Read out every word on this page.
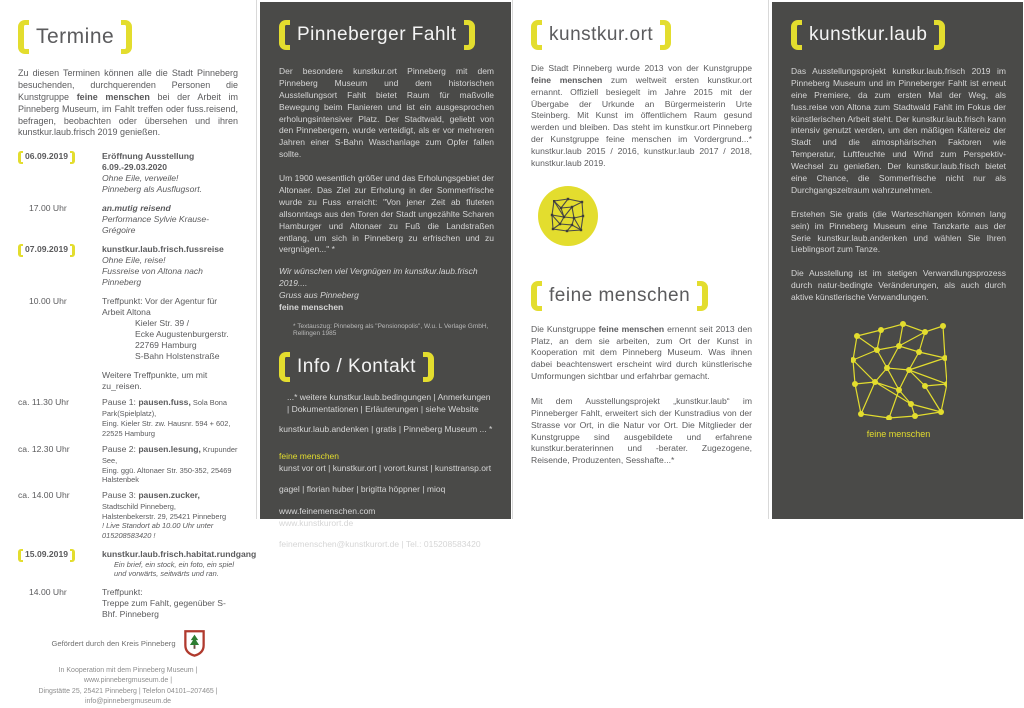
Termine

Zu diesen Terminen können alle die Stadt Pinneberg besuchenden, durchquerenden Personen die Kunstgruppe feine menschen bei der Arbeit im Pinneberg Museum, im Fahlt treffen oder fuss.reisend, befragen, beobachten oder übersehen und ihren kunstkur.laub.frisch 2019 genießen.

06.09.2019	Eröffnung Ausstellung 6.09.-29.03.2020
Ohne Eile, verweile!
Pinneberg als Ausflugsort.
17.00 Uhr	an.mutig reisend
Performance Sylvie Krause-Grégoire
07.09.2019	kunstkur.laub.frisch.fussreise
Ohne Eile, reise!
Fussreise von Altona nach Pinneberg
10.00 Uhr	Treffpunkt: Vor der Agentur für Arbeit Altona
Kieler Str. 39 /
Ecke Augustenburgerstr.
22769 Hamburg
S-Bahn Holstenstraße
Weitere Treffpunkte, um mit zu_reisen.
ca. 11.30 Uhr	Pause 1: pausen.fuss, Sola Bona Park(Spielplatz),
Eing. Kieler Str. zw. Hausnr. 594 + 602, 22525 Hamburg
ca. 12.30 Uhr	Pause 2: pausen.lesung, Krupunder See,
Eing. ggü. Altonaer Str. 350-352, 25469 Halstenbek
ca. 14.00 Uhr	Pause 3: pausen.zucker, Stadtschild Pinneberg,
Halstenbekerstr. 29, 25421 Pinneberg
! Live Standort ab 10.00 Uhr unter 015208583420 !
15.09.2019	kunstkur.laub.frisch.habitat.rundgang
Ein brief, ein stock, ein foto, ein spiel
und vorwärts, seitwärts und ran.
14.00 Uhr	Treffpunkt:
Treppe zum Fahlt, gegenüber S-Bhf. Pinneberg
Gefördert durch den Kreis Pinneberg
In Kooperation mit dem Pinneberg Museum | www.pinnebergmuseum.de |
Dingstätte 25, 25421 Pinneberg | Telefon 04101–207465 |
info@pinnebergmuseum.de
Pinneberger Fahlt

Der besondere kunstkur.ort Pinneberg mit dem Pinneberg Museum und dem historischen Ausstellungsort Fahlt bietet Raum für maßvolle Bewegung beim Flanieren und ist ein ausgesprochen erholungsintensiver Platz. Der Stadtwald, geliebt von den Pinnebergern, wurde verteidigt, als er vor mehreren Jahren einer S-Bahn Waschanlage zum Opfer fallen sollte.

Um 1900 wesentlich größer und das Erholungsgebiet der Altonaer. Das Ziel zur Erholung in der Sommerfrische wurde zu Fuss erreicht: "Von jener Zeit ab fluteten allsonntags aus den Toren der Stadt ungezählte Scharen Hamburger und Altonaer zu Fuß die Landstraßen entlang, um sich in Pinneberg zu erfrischen und zu vergnügen..." *

Wir wünschen viel Vergnügen im kunstkur.laub.frisch 2019....
Gruss aus Pinneberg
feine menschen
* Textauszug: Pinneberg als "Pensionopolis", W.u. L Verlage GmbH, Rellingen 1985
Info / Kontakt

...* weitere kunstkur.laub.bedingungen | Anmerkungen | Dokumentationen | Erläuterungen | siehe Website

kunstkur.laub.andenken | gratis | Pinneberg Museum ... *

feine menschen
kunst vor ort | kunstkur.ort | vorort.kunst | kunsttransp.ort
gagel | florian huber | brigitta höppner | mioq
www.feinemenschen.com
www.kunstkurort.de
feinemenschen@kunstkurort.de | Tel.: 015208583420
kunstkur.ort

Die Stadt Pinneberg wurde 2013 von der Kunstgruppe feine menschen zum weltweit ersten kunstkur.ort ernannt. Offiziell besiegelt im Jahre 2015 mit der Übergabe der Urkunde an Bürgermeisterin Urte Steinberg. Mit Kunst im öffentlichem Raum gesund werden und bleiben. Das steht im kunstkur.ort Pinneberg der Kunstgruppe feine menschen im Vordergrund...* kunstkur.laub 2015 / 2016, kunstkur.laub 2017 / 2018, kunstkur.laub 2019.

feine menschen

Die Kunstgruppe feine menschen ernennt seit 2013 den Platz, an dem sie arbeiten, zum Ort der Kunst in Kooperation mit dem Pinneberg Museum. Was ihnen dabei beachtenswert erscheint wird durch künstlerische Umformungen sichtbar und erfahrbar gemacht.

Mit dem Ausstellungsprojekt „kunstkur.laub“ im Pinneberger Fahlt, erweitert sich der Kunstradius von der Strasse vor Ort, in die Natur vor Ort. Die Mitglieder der Kunstgruppe sind ausgebildete und erfahrene kunstkur.beraterinnen und -berater. Zugezogene, Reisende, Produzenten, Sesshafte...*

kunstkur.laub

Das Ausstellungsprojekt kunstkur.laub.frisch 2019 im Pinneberg Museum und im Pinneberger Fahlt ist erneut eine Premiere, da zum ersten Mal der Weg, als fuss.reise von Altona zum Stadtwald Fahlt im Fokus der künstlerischen Arbeit steht. Der kunstkur.laub.frisch kann intensiv genutzt werden, um den mäßigen Kältereiz der Stadt und die atmosphärischen Faktoren wie Temperatur, Luftfeuchte und Wind zum Perspektiv-Wechsel zu genießen. Der kunstkur.laub.frisch bietet eine Chance, die Sommerfrische nicht nur als Durchgangszeitraum wahrzunehmen.

Erstehen Sie gratis (die Warteschlangen können lang sein) im Pinneberg Museum eine Tanzkarte aus der Serie kunstkur.laub.andenken und wählen Sie Ihren Lieblingsort zum Tanze.

Die Ausstellung ist im stetigen Verwandlungsprozess durch natur-bedingte Veränderungen, als auch durch aktive künstlerische Verwandlungen.

feine menschen
